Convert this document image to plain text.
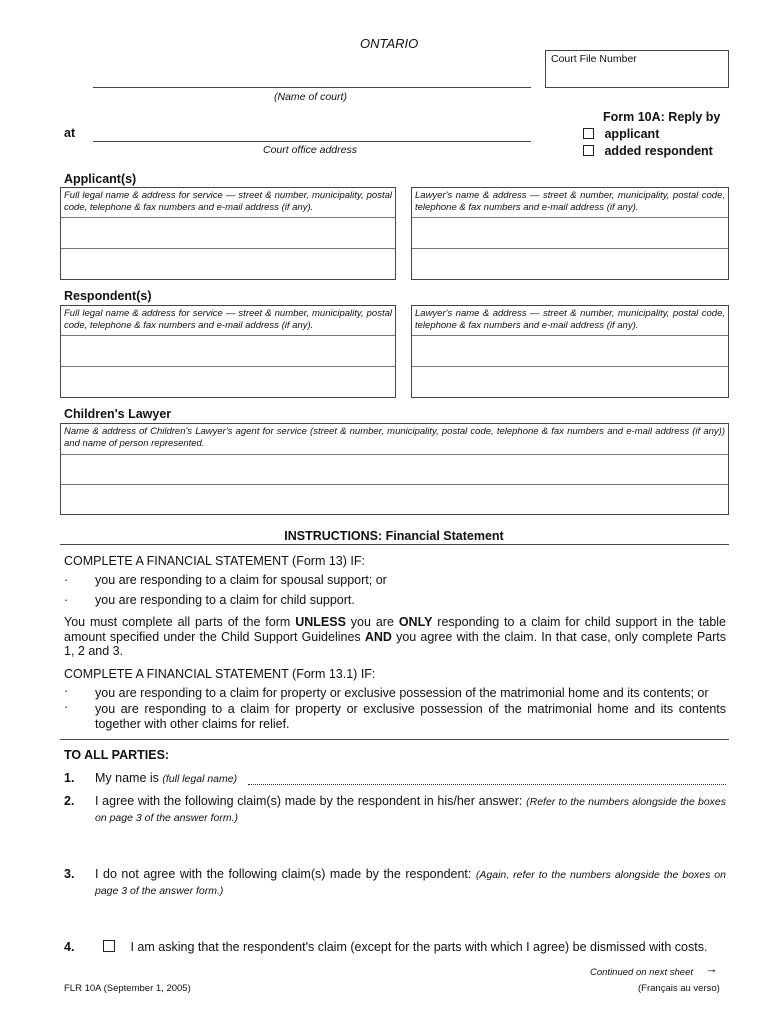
ONTARIO
Court File Number
(Name of court)
at
Court office address
Form 10A: Reply by
applicant
added respondent
Applicant(s)
Full legal name & address for service — street & number, municipality, postal code, telephone & fax numbers and e-mail address (if any).
Lawyer's name & address — street & number, municipality, postal code, telephone & fax numbers and e-mail address (if any).
Respondent(s)
Full legal name & address for service — street & number, municipality, postal code, telephone & fax numbers and e-mail address (if any).
Lawyer's name & address — street & number, municipality, postal code, telephone & fax numbers and e-mail address (if any).
Children's Lawyer
Name & address of Children's Lawyer's agent for service (street & number, municipality, postal code, telephone & fax numbers and e-mail address (if any)) and name of person represented.
INSTRUCTIONS: Financial Statement
COMPLETE A FINANCIAL STATEMENT (Form 13) IF:
· you are responding to a claim for spousal support; or
· you are responding to a claim for child support.
You must complete all parts of the form UNLESS you are ONLY responding to a claim for child support in the table amount specified under the Child Support Guidelines AND you agree with the claim. In that case, only complete Parts 1, 2 and 3.
COMPLETE A FINANCIAL STATEMENT (Form 13.1) IF:
· you are responding to a claim for property or exclusive possession of the matrimonial home and its contents; or
· you are responding to a claim for property or exclusive possession of the matrimonial home and its contents together with other claims for relief.
TO ALL PARTIES:
1. My name is (full legal name)
2. I agree with the following claim(s) made by the respondent in his/her answer: (Refer to the numbers alongside the boxes on page 3 of the answer form.)
3. I do not agree with the following claim(s) made by the respondent: (Again, refer to the numbers alongside the boxes on page 3 of the answer form.)
4.	I am asking that the respondent's claim (except for the parts with which I agree) be dismissed with costs.
Continued on next sheet →
FLR 10A (September 1, 2005)	(Français au verso)
